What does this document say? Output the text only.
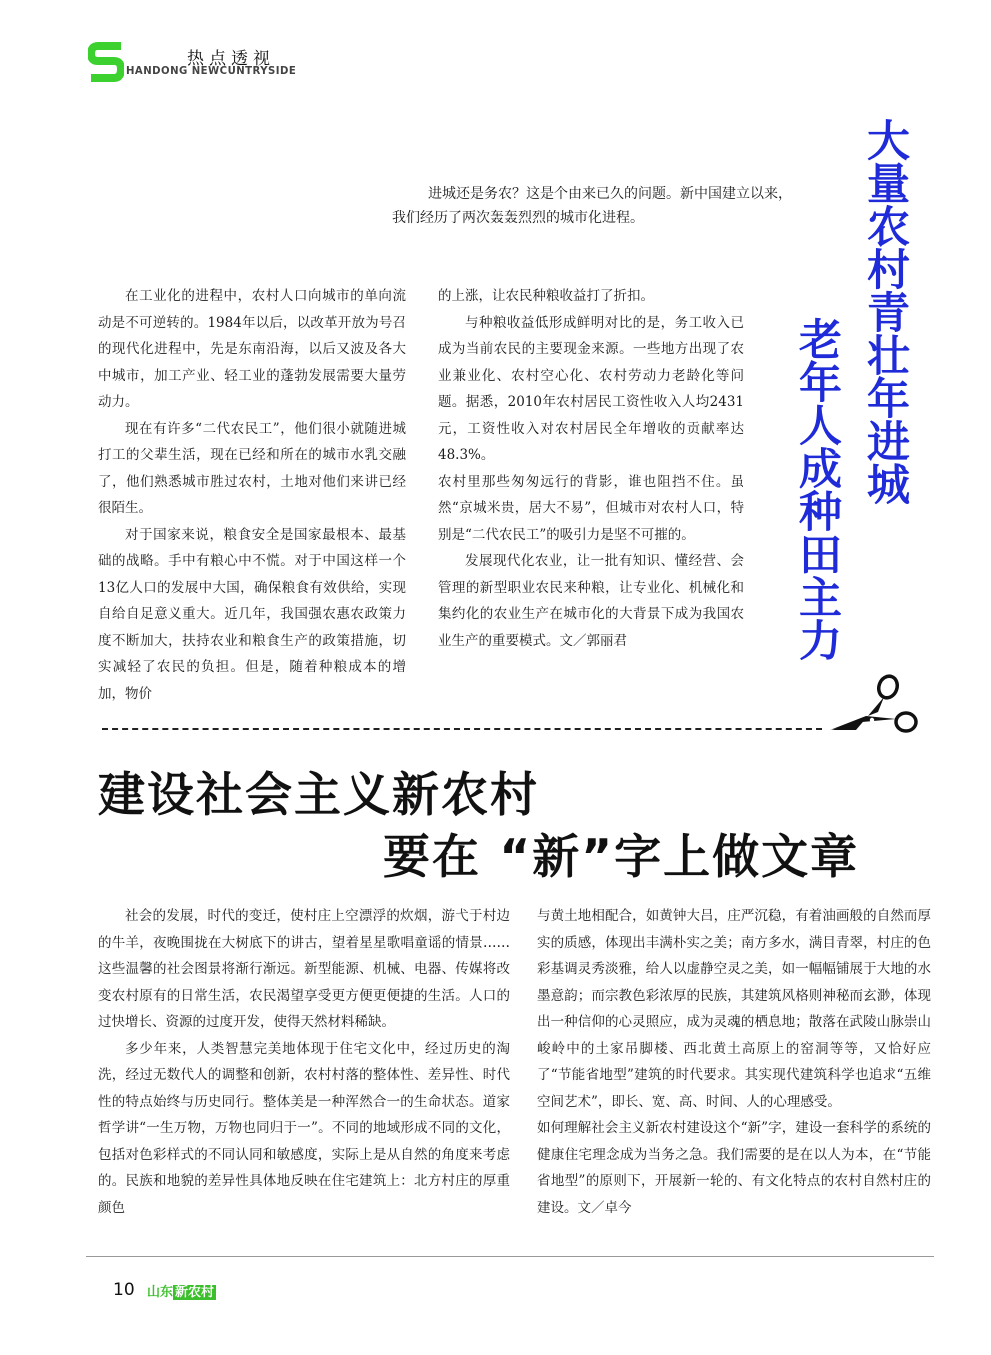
热点透视
HANDONG NEWCUNTRYSIDE
大量农村青壮年进城
老年人成种田主力

进城还是务农？这是个由来已久的问题。新中国建立以来，我们经历了两次轰轰烈烈的城市化进程。

在工业化的进程中，农村人口向城市的单向流动是不可逆转的。1984年以后，以改革开放为号召的现代化进程中，先是东南沿海，以后又波及各大中城市，加工产业、轻工业的蓬勃发展需要大量劳动力。

现在有许多“二代农民工”，他们很小就随进城打工的父辈生活，现在已经和所在的城市水乳交融了，他们熟悉城市胜过农村，土地对他们来讲已经很陌生。

对于国家来说，粮食安全是国家最根本、最基础的战略。手中有粮心中不慌。对于中国这样一个13亿人口的发展中大国，确保粮食有效供给，实现自给自足意义重大。近几年，我国强农惠农政策力度不断加大，扶持农业和粮食生产的政策措施，切实减轻了农民的负担。但是，随着种粮成本的增加，物价

的上涨，让农民种粮收益打了折扣。

与种粮收益低形成鲜明对比的是，务工收入已成为当前农民的主要现金来源。一些地方出现了农业兼业化、农村空心化、农村劳动力老龄化等问题。据悉，2010年农村居民工资性收入人均2431元，工资性收入对农村居民全年增收的贡献率达48.3%。

农村里那些匆匆远行的背影，谁也阻挡不住。虽然“京城米贵，居大不易”，但城市对农村人口，特别是“二代农民工”的吸引力是坚不可摧的。

发展现代化农业，让一批有知识、懂经营、会管理的新型职业农民来种粮，让专业化、机械化和集约化的农业生产在城市化的大背景下成为我国农业生产的重要模式。文／郭丽君

建设社会主义新农村
要在 “新”字上做文章

社会的发展，时代的变迁，使村庄上空漂浮的炊烟，游弋于村边的牛羊，夜晚围拢在大树底下的讲古，望着星星歌唱童谣的情景……这些温馨的社会图景将渐行渐远。新型能源、机械、电器、传媒将改变农村原有的日常生活，农民渴望享受更方便更便捷的生活。人口的过快增长、资源的过度开发，使得天然材料稀缺。

多少年来，人类智慧完美地体现于住宅文化中，经过历史的淘洗，经过无数代人的调整和创新，农村村落的整体性、差异性、时代性的特点始终与历史同行。整体美是一种浑然合一的生命状态。道家哲学讲“一生万物，万物也同归于一”。不同的地域形成不同的文化，包括对色彩样式的不同认同和敏感度，实际上是从自然的角度来考虑的。民族和地貌的差异性具体地反映在住宅建筑上：北方村庄的厚重颜色

与黄土地相配合，如黄钟大吕，庄严沉稳，有着油画般的自然而厚实的质感，体现出丰满朴实之美；南方多水，满目青翠，村庄的色彩基调灵秀淡雅，给人以虚静空灵之美，如一幅幅铺展于大地的水墨意韵；而宗教色彩浓厚的民族，其建筑风格则神秘而玄渺，体现出一种信仰的心灵照应，成为灵魂的栖息地；散落在武陵山脉崇山峻岭中的土家吊脚楼、西北黄土高原上的窑洞等等，又恰好应了“节能省地型”建筑的时代要求。其实现代建筑科学也追求“五维空间艺术”，即长、宽、高、时间、人的心理感受。

如何理解社会主义新农村建设这个“新”字，建设一套科学的系统的健康住宅理念成为当务之急。我们需要的是在以人为本，在“节能省地型”的原则下，开展新一轮的、有文化特点的农村自然村庄的建设。文／卓今

10 山东 新农村
